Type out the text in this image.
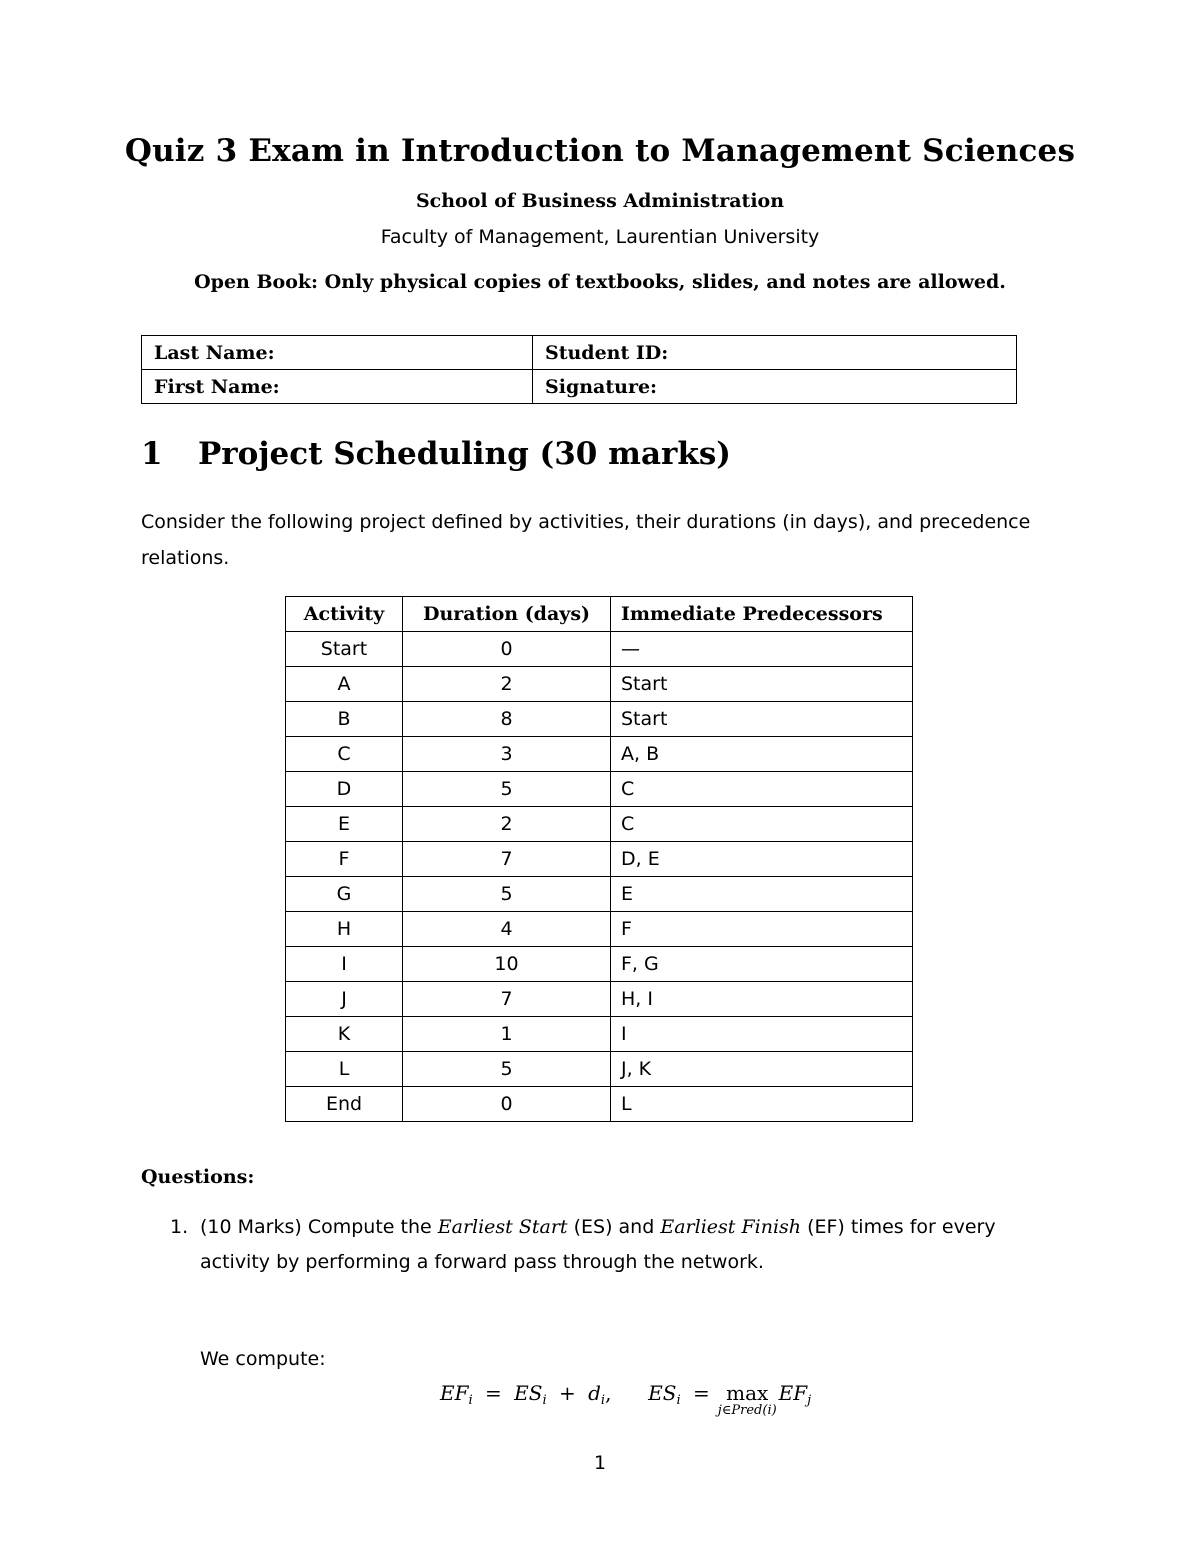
Quiz 3 Exam in Introduction to Management Sciences
School of Business Administration
Faculty of Management, Laurentian University
Open Book: Only physical copies of textbooks, slides, and notes are allowed.
Last Name:	Student ID:
First Name:	Signature:
1 Project Scheduling (30 marks)
Consider the following project defined by activities, their durations (in days), and precedence relations.
Activity	Duration (days)	Immediate Predecessors
Start	0	—
A	2	Start
B	8	Start
C	3	A, B
D	5	C
E	2	C
F	7	D, E
G	5	E
H	4	F
I	10	F, G
J	7	H, I
K	1	I
L	5	J, K
End	0	L
Questions:
1. (10 Marks) Compute the Earliest Start (ES) and Earliest Finish (EF) times for every activity by performing a forward pass through the network.
We compute:
$EF_i = ES_i + d_i$, $ES_i = \max$
j∈Pred(i)
$EF_j$
1
